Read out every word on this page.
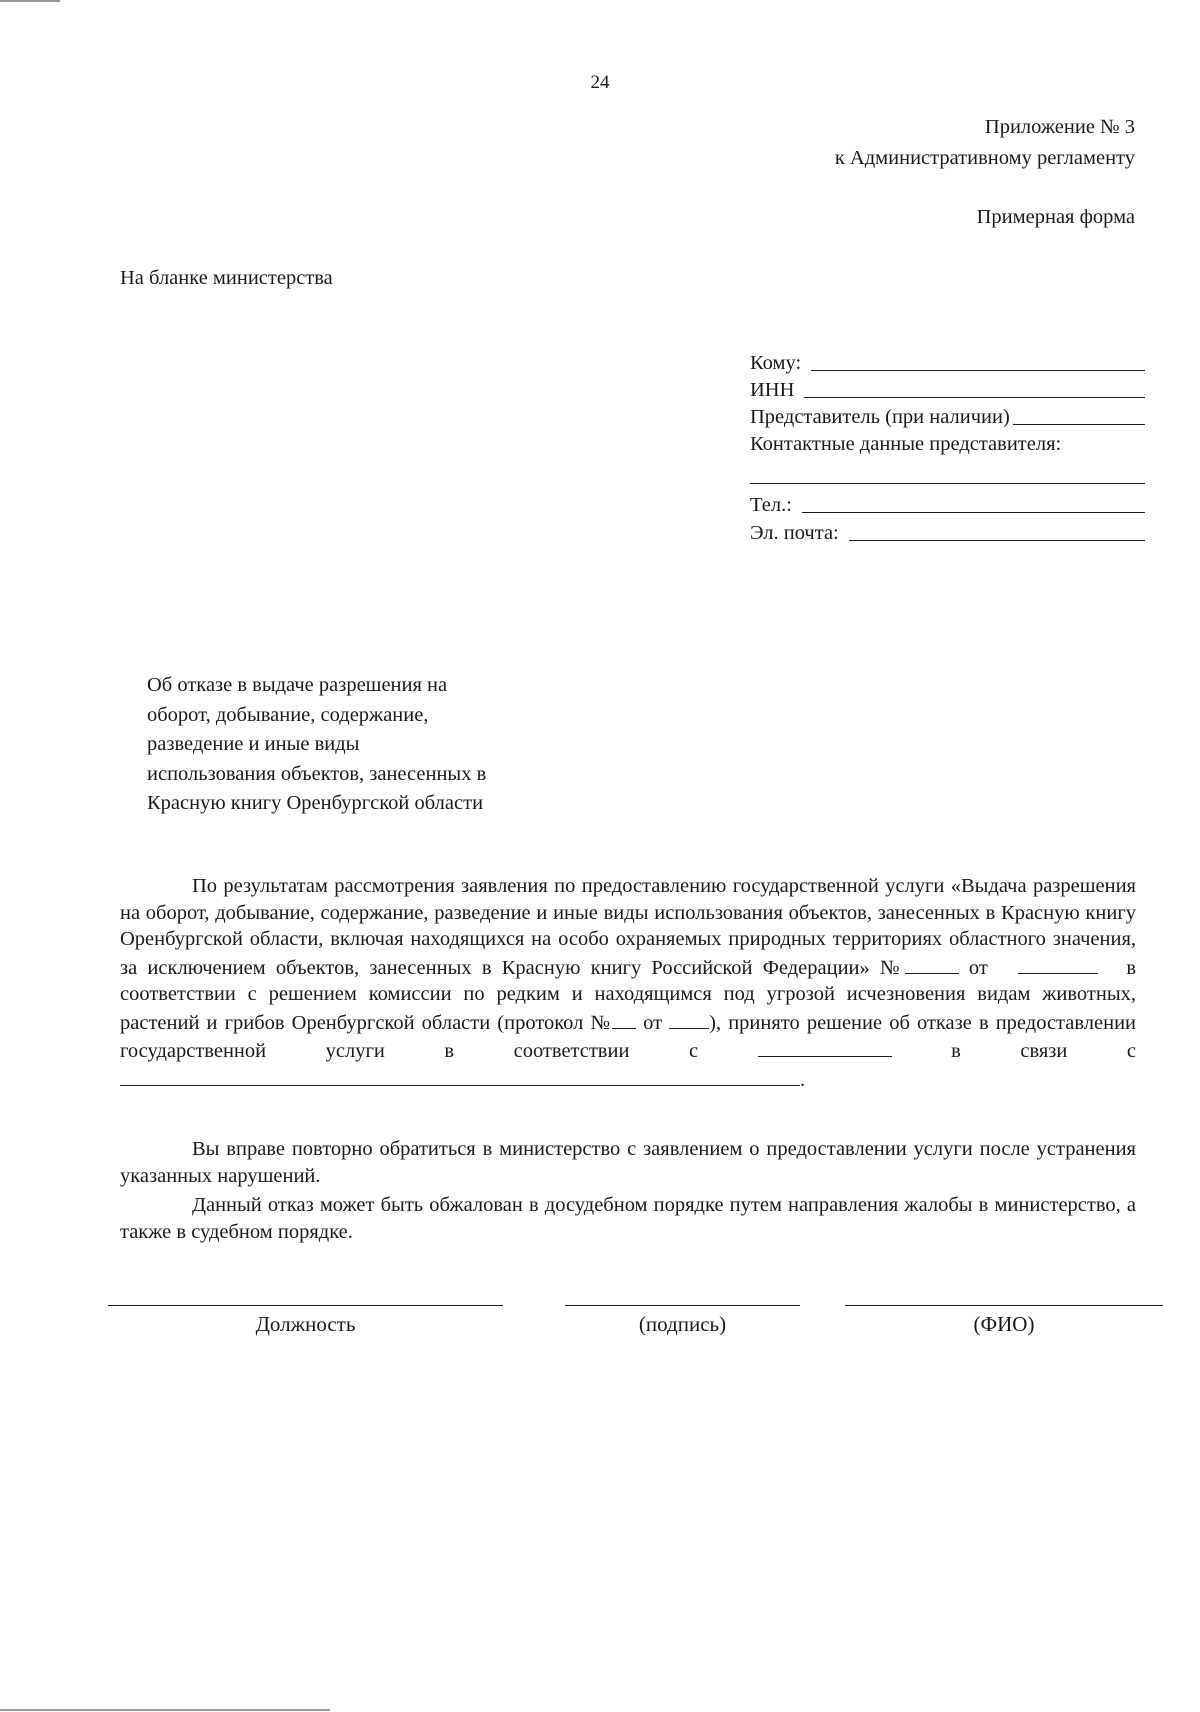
24
Приложение № 3
к Административному регламенту
Примерная форма
На бланке министерства
Кому:
ИНН
Представитель (при наличии)
Контактные данные представителя:
Тел.:
Эл. почта:
Об отказе в выдаче разрешения на
оборот, добывание, содержание,
разведение и иные виды
использования объектов, занесенных в
Красную книгу Оренбургской области
По результатам рассмотрения заявления по предоставлению государственной услуги «Выдача разрешения на оборот, добывание, содержание, разведение и иные виды использования объектов, занесенных в Красную книгу Оренбургской области, включая находящихся на особо охраняемых природных территориях областного значения, за исключением объектов, занесенных в Красную книгу Российской Федерации» №	от	в соответствии с решением комиссии по редким и находящимся под угрозой исчезновения видам животных, растений и грибов Оренбургской области (протокол № от ), принято решение об отказе в предоставлении государственной услуги в соответствии с	в связи с.
Вы вправе повторно обратиться в министерство с заявлением о предоставлении услуги после устранения указанных нарушений.
Данный отказ может быть обжалован в досудебном порядке путем направления жалобы в министерство, а также в судебном порядке.
Должность	(подпись)	(ФИО)
